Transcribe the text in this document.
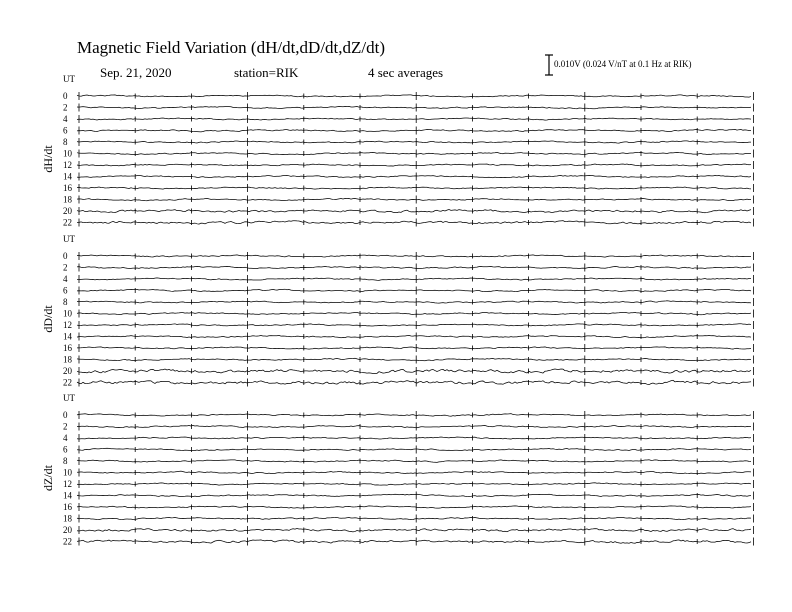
Magnetic Field Variation (dH/dt,dD/dt,dZ/dt)
Sep. 21, 2020	station=RIK	4 sec averages
0.010V (0.024 V/nT at 0.1 Hz at RIK)
UT
dH/dt
0
2
4
6
8
10
12
14
16
18
20
22
UT
dD/dt
0
2
4
6
8
10
12
14
16
18
20
22
UT
dZ/dt
0
2
4
6
8
10
12
14
16
18
20
22
